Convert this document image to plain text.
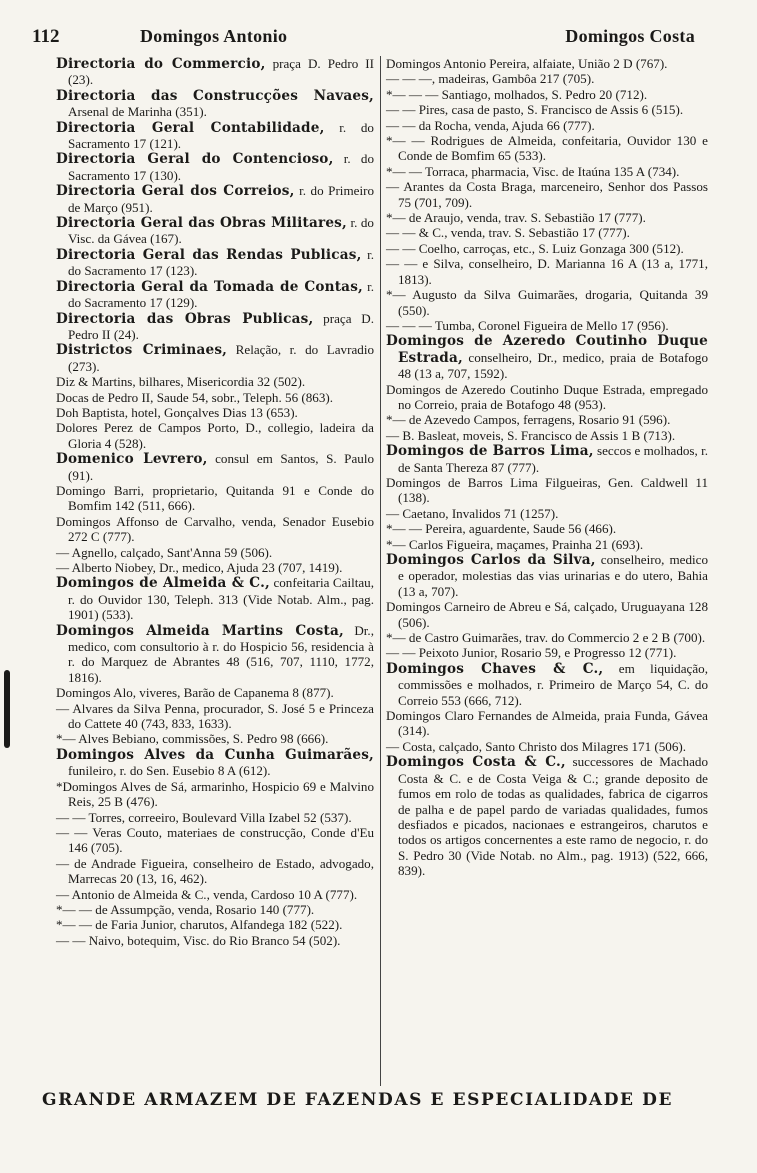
112	Domingos Antonio	Domingos Costa

Directoria do Commercio, praça D. Pedro II (23).

Directoria das Construcções Navaes, Arsenal de Marinha (351).

Directoria Geral Contabilidade, r. do Sacramento 17 (121).

Directoria Geral do Contencioso, r. do Sacramento 17 (130).

Directoria Geral dos Correios, r. do Primeiro de Março (951).

Directoria Geral das Obras Militares, r. do Visc. da Gávea (167).

Directoria Geral das Rendas Publicas, r. do Sacramento 17 (123).

Directoria Geral da Tomada de Contas, r. do Sacramento 17 (129).

Directoria das Obras Publicas, praça D. Pedro II (24).

Districtos Criminaes, Relação, r. do Lavradio (273).

Diz & Martins, bilhares, Misericordia 32 (502).

Docas de Pedro II, Saude 54, sobr., Teleph. 56 (863).

Doh Baptista, hotel, Gonçalves Dias 13 (653).

Dolores Perez de Campos Porto, D., collegio, ladeira da Gloria 4 (528).

Domenico Levrero, consul em Santos, S. Paulo (91).

Domingo Barri, proprietario, Quitanda 91 e Conde do Bomfim 142 (511, 666).

Domingos Affonso de Carvalho, venda, Senador Eusebio 272 C (777).

— Agnello, calçado, Sant'Anna 59 (506).

— Alberto Niobey, Dr., medico, Ajuda 23 (707, 1419).

Domingos de Almeida & C., confeitaria Cailtau, r. do Ouvidor 130, Teleph. 313 (Vide Notab. Alm., pag. 1901) (533).

Domingos Almeida Martins Costa, Dr., medico, com consultorio à r. do Hospicio 56, residencia à r. do Marquez de Abrantes 48 (516, 707, 1110, 1772, 1816).

Domingos Alo, viveres, Barão de Capanema 8 (877).

— Alvares da Silva Penna, procurador, S. José 5 e Princeza do Cattete 40 (743, 833, 1633).

*— Alves Bebiano, commissões, S. Pedro 98 (666).

Domingos Alves da Cunha Guimarães, funileiro, r. do Sen. Eusebio 8 A (612).

*Domingos Alves de Sá, armarinho, Hospicio 69 e Malvino Reis, 25 B (476).

— — Torres, correeiro, Boulevard Villa Izabel 52 (537).

— — Veras Couto, materiaes de construcção, Conde d'Eu 146 (705).

— de Andrade Figueira, conselheiro de Estado, advogado, Marrecas 20 (13, 16, 462).

— Antonio de Almeida & C., venda, Cardoso 10 A (777).

*— — de Assumpção, venda, Rosario 140 (777).

*— — de Faria Junior, charutos, Alfandega 182 (522).

— — Naivo, botequim, Visc. do Rio Branco 54 (502).

Domingos Antonio Pereira, alfaiate, União 2 D (767).

— — —, madeiras, Gambôa 217 (705).

*— — — Santiago, molhados, S. Pedro 20 (712).

— — Pires, casa de pasto, S. Francisco de Assis 6 (515).

— — da Rocha, venda, Ajuda 66 (777).

*— — Rodrigues de Almeida, confeitaria, Ouvidor 130 e Conde de Bomfim 65 (533).

*— — Torraca, pharmacia, Visc. de Itaúna 135 A (734).

— Arantes da Costa Braga, marceneiro, Senhor dos Passos 75 (701, 709).

*— de Araujo, venda, trav. S. Sebastião 17 (777).

— — & C., venda, trav. S. Sebastião 17 (777).

— — Coelho, carroças, etc., S. Luiz Gonzaga 300 (512).

— — e Silva, conselheiro, D. Marianna 16 A (13 a, 1771, 1813).

*— Augusto da Silva Guimarães, drogaria, Quitanda 39 (550).

— — — Tumba, Coronel Figueira de Mello 17 (956).

Domingos de Azeredo Coutinho Duque Estrada, conselheiro, Dr., medico, praia de Botafogo 48 (13 a, 707, 1592).

Domingos de Azeredo Coutinho Duque Estrada, empregado no Correio, praia de Botafogo 48 (953).

*— de Azevedo Campos, ferragens, Rosario 91 (596).

— B. Basleat, moveis, S. Francisco de Assis 1 B (713).

Domingos de Barros Lima, seccos e molhados, r. de Santa Thereza 87 (777).

Domingos de Barros Lima Filgueiras, Gen. Caldwell 11 (138).

— Caetano, Invalidos 71 (1257).

*— — Pereira, aguardente, Saude 56 (466).

*— Carlos Figueira, maçames, Prainha 21 (693).

Domingos Carlos da Silva, conselheiro, medico e operador, molestias das vias urinarias e do utero, Bahia (13 a, 707).

Domingos Carneiro de Abreu e Sá, calçado, Uruguayana 128 (506).

*— de Castro Guimarães, trav. do Commercio 2 e 2 B (700).

— — Peixoto Junior, Rosario 59, e Progresso 12 (771).

Domingos Chaves & C., em liquidação, commissões e molhados, r. Primeiro de Março 54, C. do Correio 553 (666, 712).

Domingos Claro Fernandes de Almeida, praia Funda, Gávea (314).

— Costa, calçado, Santo Christo dos Milagres 171 (506).

Domingos Costa & C., successores de Machado Costa & C. e de Costa Veiga & C.; grande deposito de fumos em rolo de todas as qualidades, fabrica de cigarros de palha e de papel pardo de variadas qualidades, fumos desfiados e picados, nacionaes e estrangeiros, charutos e todos os artigos concernentes a este ramo de negocio, r. do S. Pedro 30 (Vide Notab. no Alm., pag. 1913) (522, 666, 839).

GRANDE ARMAZEM DE FAZENDAS E ESPECIALIDADE DE
